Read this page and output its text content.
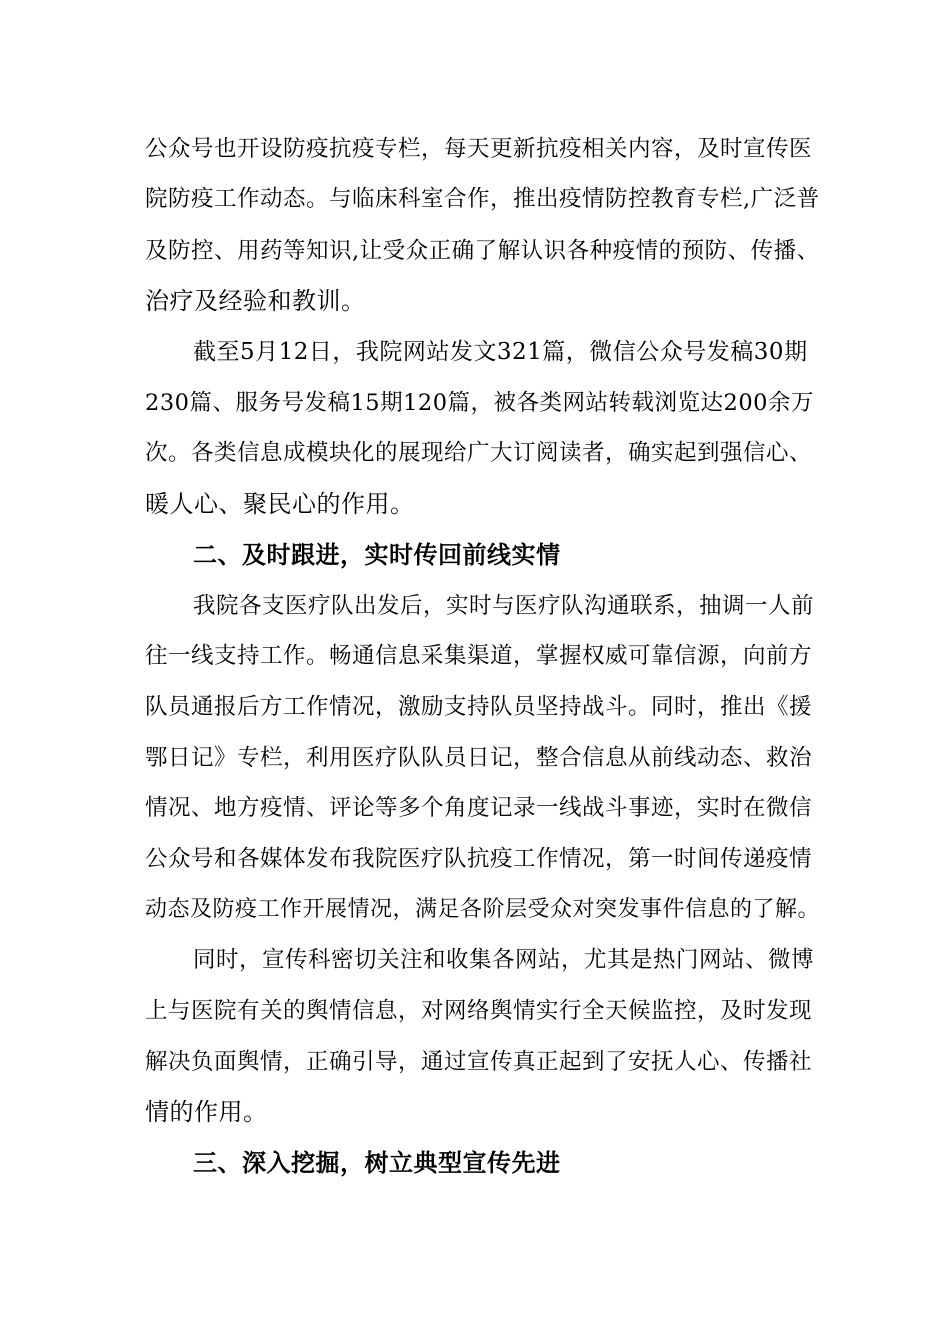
公众号也开设防疫抗疫专栏，每天更新抗疫相关内容，及时宣传医
院防疫工作动态。与临床科室合作，推出疫情防控教育专栏,广泛普
及防控、用药等知识,让受众正确了解认识各种疫情的预防、传播、
治疗及经验和教训。
截至5月12日，我院网站发文321篇，微信公众号发稿30期
230篇、服务号发稿15期120篇，被各类网站转载浏览达200余万
次。各类信息成模块化的展现给广大订阅读者，确实起到强信心、
暖人心、聚民心的作用。
二、及时跟进，实时传回前线实情
我院各支医疗队出发后，实时与医疗队沟通联系，抽调一人前
往一线支持工作。畅通信息采集渠道，掌握权威可靠信源，向前方
队员通报后方工作情况，激励支持队员坚持战斗。同时，推出《援
鄂日记》专栏，利用医疗队队员日记，整合信息从前线动态、救治
情况、地方疫情、评论等多个角度记录一线战斗事迹，实时在微信
公众号和各媒体发布我院医疗队抗疫工作情况，第一时间传递疫情
动态及防疫工作开展情况，满足各阶层受众对突发事件信息的了解。
同时，宣传科密切关注和收集各网站，尤其是热门网站、微博
上与医院有关的舆情信息，对网络舆情实行全天候监控，及时发现
解决负面舆情，正确引导，通过宣传真正起到了安抚人心、传播社
情的作用。
三、深入挖掘，树立典型宣传先进
